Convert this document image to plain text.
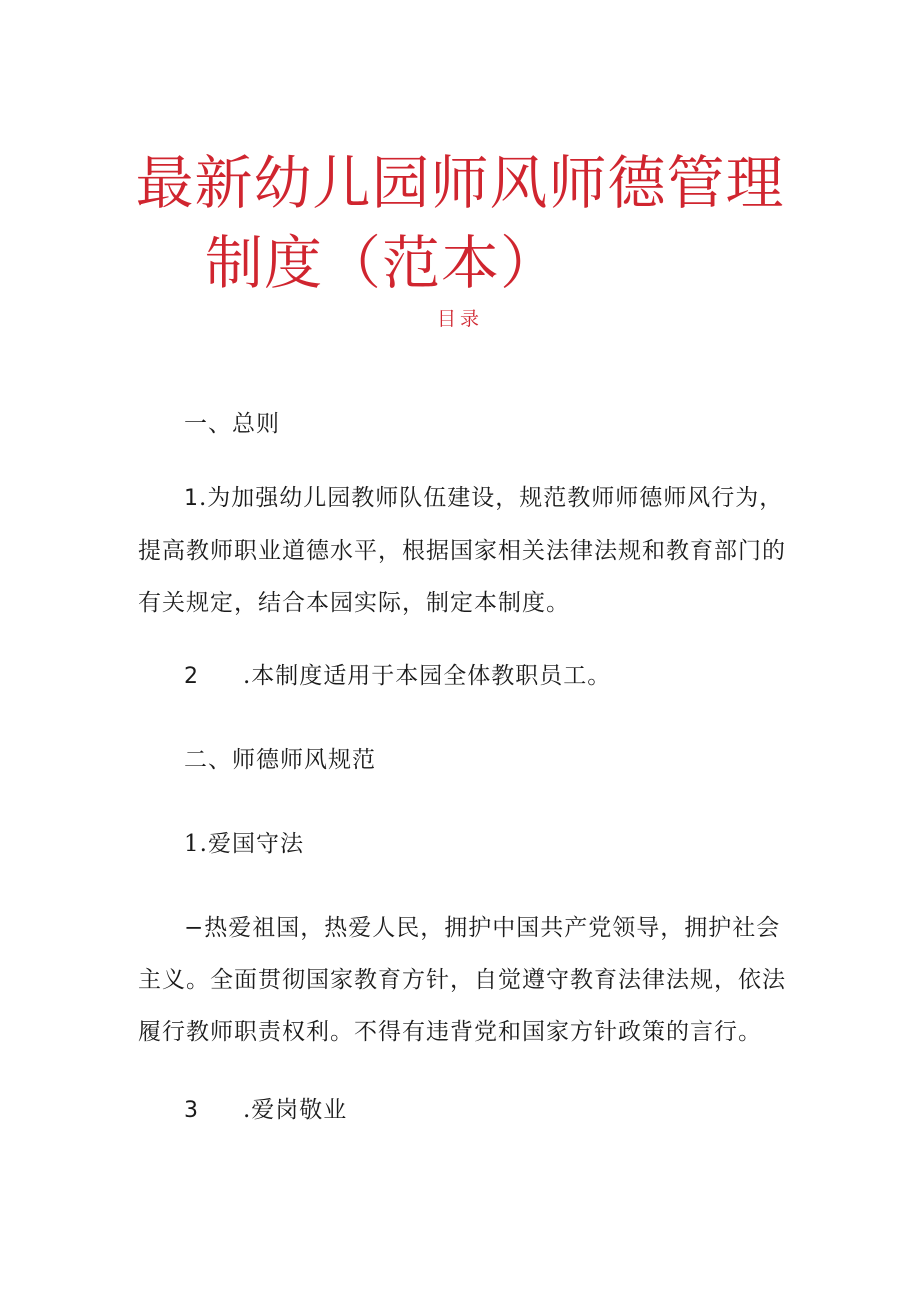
最新幼儿园师风师德管理
制度（范本）
目录

一、总则

1.为加强幼儿园教师队伍建设，规范教师师德师风行为，提高教师职业道德水平，根据国家相关法律法规和教育部门的有关规定，结合本园实际，制定本制度。

2 .本制度适用于本园全体教职员工。

二、师德师风规范

1.爱国守法

−热爱祖国，热爱人民，拥护中国共产党领导，拥护社会主义。全面贯彻国家教育方针，自觉遵守教育法律法规，依法履行教师职责权利。不得有违背党和国家方针政策的言行。

3 .爱岗敬业
